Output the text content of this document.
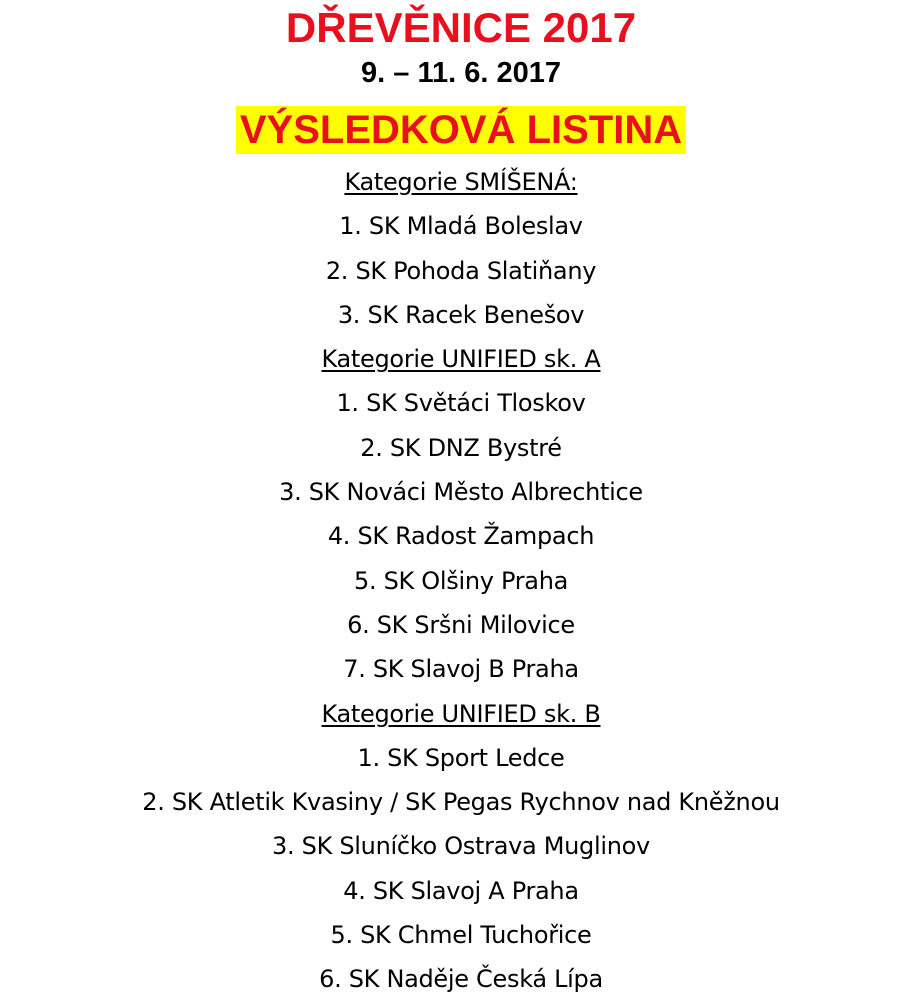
DŘEVĚNICE 2017
9. – 11. 6. 2017
VÝSLEDKOVÁ LISTINA
Kategorie SMÍŠENÁ:
1. SK Mladá Boleslav
2. SK Pohoda Slatiňany
3. SK Racek Benešov
Kategorie UNIFIED sk. A
1. SK Světáci Tloskov
2. SK DNZ Bystré
3. SK Nováci Město Albrechtice
4. SK Radost Žampach
5. SK Olšiny Praha
6. SK Sršni Milovice
7. SK Slavoj B Praha
Kategorie UNIFIED sk. B
1. SK Sport Ledce
2. SK Atletik Kvasiny / SK Pegas Rychnov nad Kněžnou
3. SK Sluníčko Ostrava Muglinov
4. SK Slavoj A Praha
5. SK Chmel Tuchořice
6. SK Naděje Česká Lípa
